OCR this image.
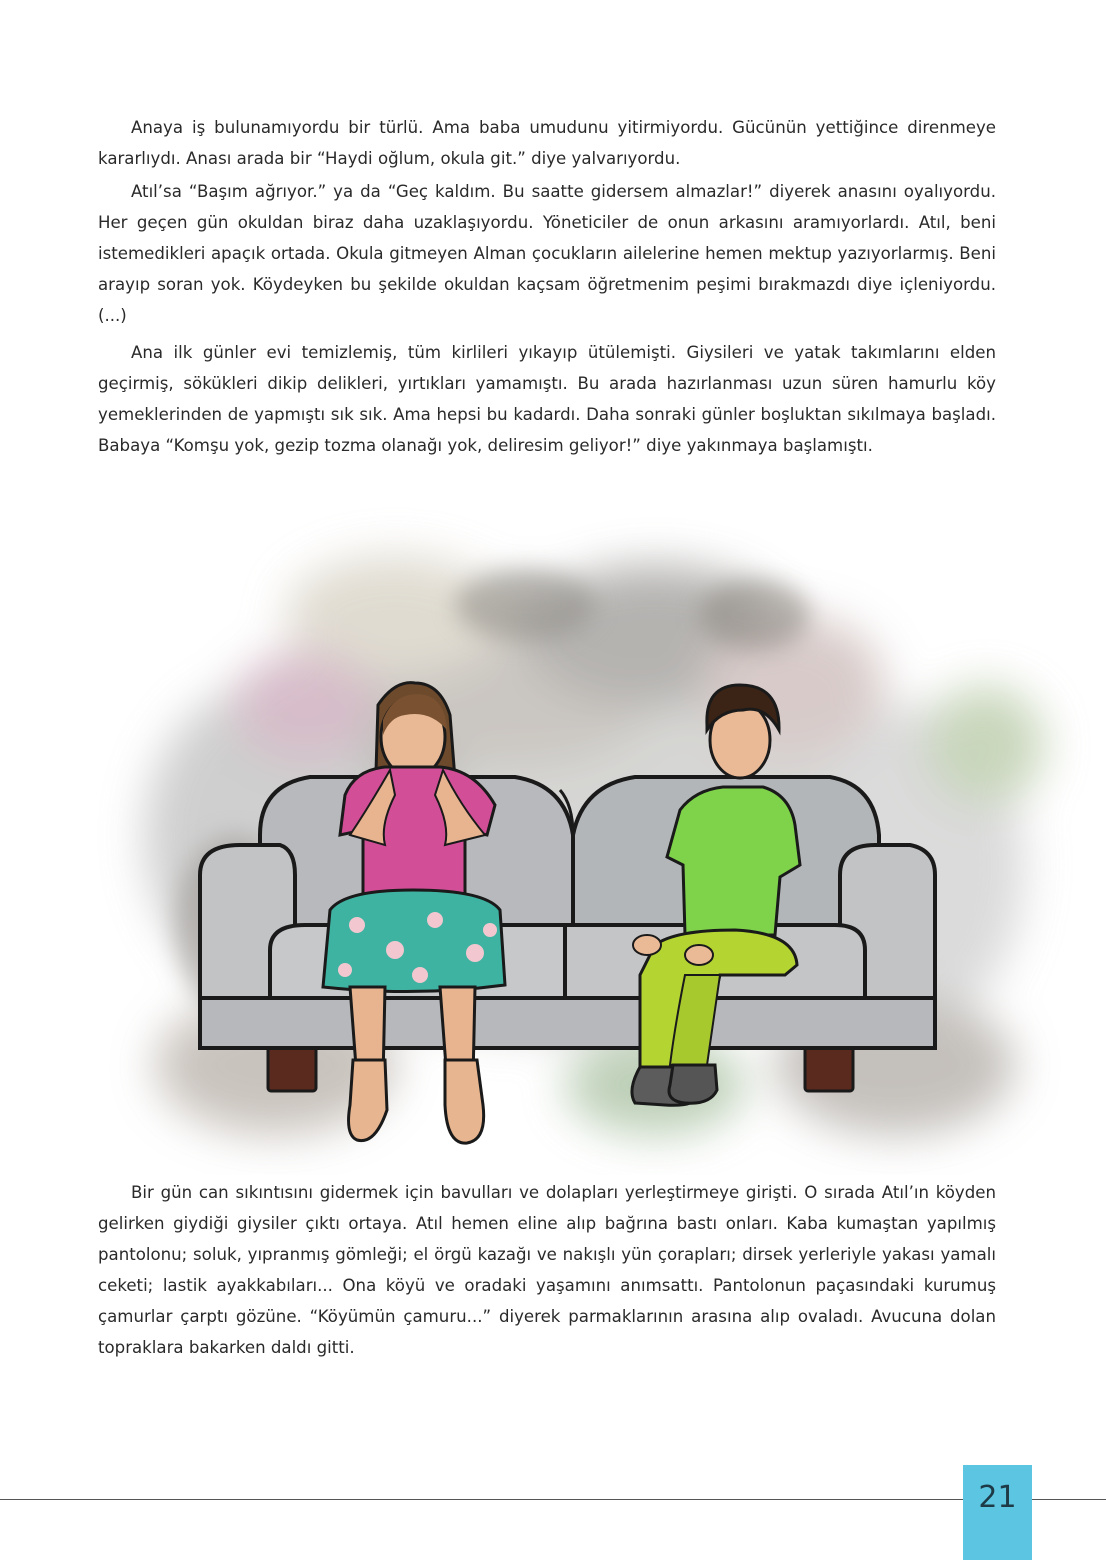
Anaya iş bulunamıyordu bir türlü. Ama baba umudunu yitirmiyordu. Gücünün yettiğince direnmeye kararlıydı. Anası arada bir “Haydi oğlum, okula git.” diye yalvarıyordu.

Atıl’sa “Başım ağrıyor.” ya da “Geç kaldım. Bu saatte gidersem almazlar!” diyerek anasını oyalıyordu. Her geçen gün okuldan biraz daha uzaklaşıyordu. Yöneticiler de onun arkasını aramıyorlardı. Atıl, beni istemedikleri apaçık ortada. Okula gitmeyen Alman çocukların ailelerine hemen mektup yazıyorlarmış. Beni arayıp soran yok. Köydeyken bu şekilde okuldan kaçsam öğretmenim peşimi bırakmazdı diye içleniyordu. (...)

Ana ilk günler evi temizlemiş, tüm kirlileri yıkayıp ütülemişti. Giysileri ve yatak takımlarını elden geçirmiş, sökükleri dikip delikleri, yırtıkları yamamıştı. Bu arada hazırlanması uzun süren hamurlu köy yemeklerinden de yapmıştı sık sık. Ama hepsi bu kadardı. Daha sonraki günler boşluktan sıkılmaya başladı. Babaya “Komşu yok, gezip tozma olanağı yok, deliresim geliyor!” diye yakınmaya başlamıştı.

Bir gün can sıkıntısını gidermek için bavulları ve dolapları yerleştirmeye girişti. O sırada Atıl’ın köyden gelirken giydiği giysiler çıktı ortaya. Atıl hemen eline alıp bağrına bastı onları. Kaba kumaştan yapılmış pantolonu; soluk, yıpranmış gömleği; el örgü kazağı ve nakışlı yün çorapları; dirsek yerleriyle yakası yamalı ceketi; lastik ayakkabıları... Ona köyü ve oradaki yaşamını anımsattı. Pantolonun paçasındaki kurumuş çamurlar çarptı gözüne. “Köyümün çamuru...” diyerek parmaklarının arasına alıp ovaladı. Avucuna dolan topraklara bakarken daldı gitti.

21
